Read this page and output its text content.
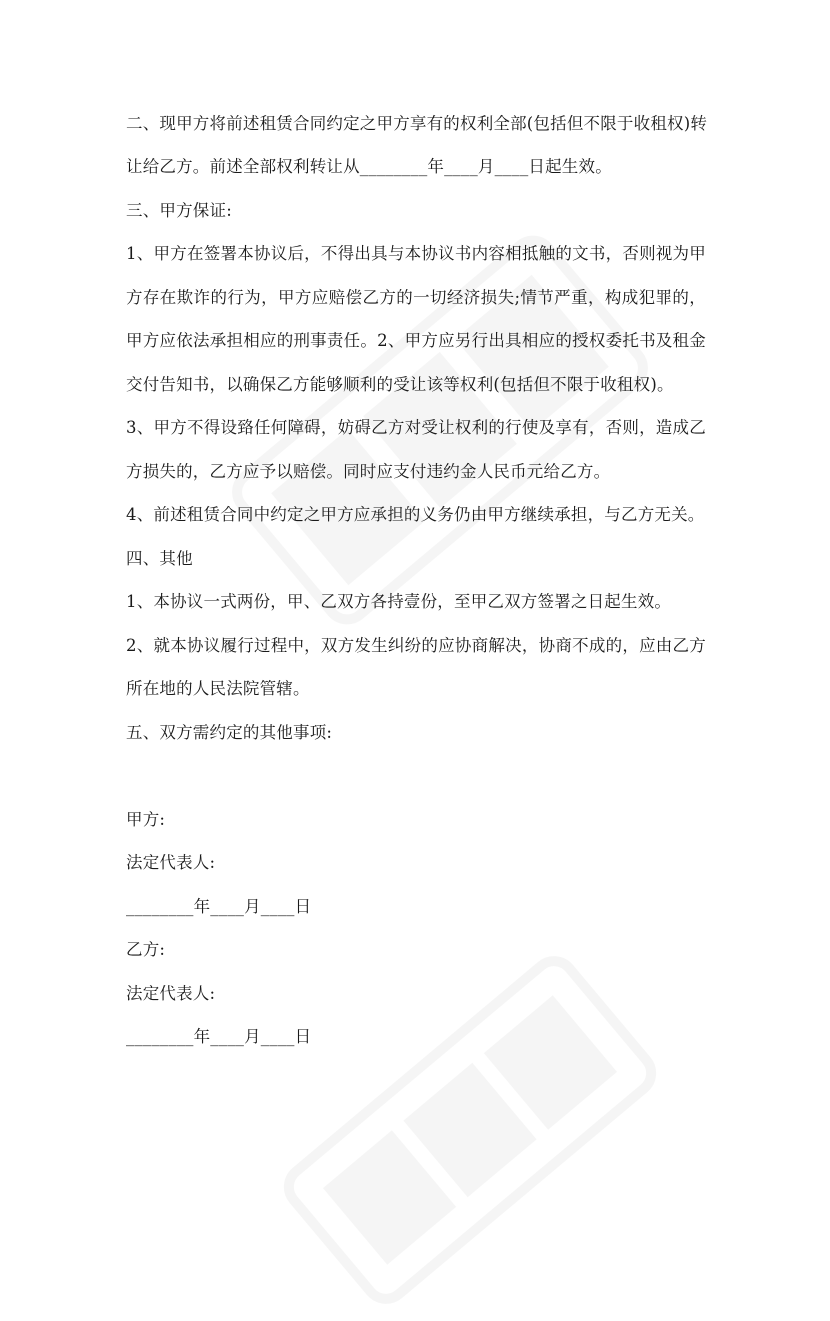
二、现甲方将前述租赁合同约定之甲方享有的权利全部(包括但不限于收租权)转
让给乙方。前述全部权利转让从________年____月____日起生效。
三、甲方保证:
1、甲方在签署本协议后，不得出具与本协议书内容相抵触的文书，否则视为甲
方存在欺诈的行为，甲方应赔偿乙方的一切经济损失;情节严重，构成犯罪的，
甲方应依法承担相应的刑事责任。2、甲方应另行出具相应的授权委托书及租金
交付告知书，以确保乙方能够顺利的受让该等权利(包括但不限于收租权)。
3、甲方不得设臵任何障碍，妨碍乙方对受让权利的行使及享有，否则，造成乙
方损失的，乙方应予以赔偿。同时应支付违约金人民币元给乙方。
4、前述租赁合同中约定之甲方应承担的义务仍由甲方继续承担，与乙方无关。
四、其他
1、本协议一式两份，甲、乙双方各持壹份，至甲乙双方签署之日起生效。
2、就本协议履行过程中，双方发生纠纷的应协商解决，协商不成的，应由乙方
所在地的人民法院管辖。
五、双方需约定的其他事项:
甲方:
法定代表人:
________年____月____日
乙方:
法定代表人:
________年____月____日
